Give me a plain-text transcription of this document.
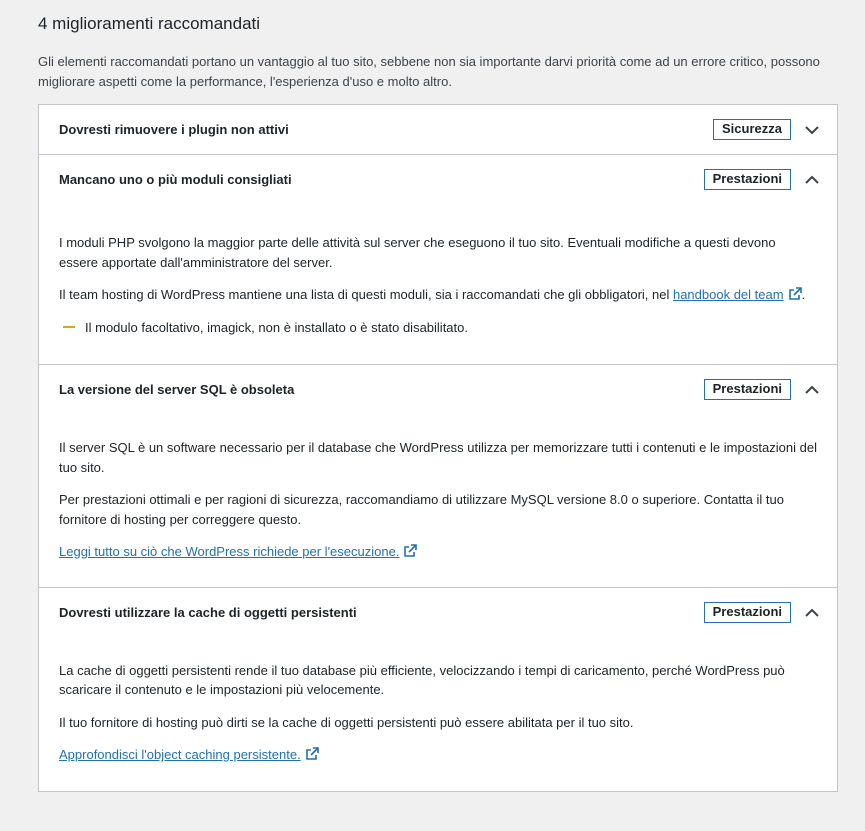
4 miglioramenti raccomandati

Gli elementi raccomandati portano un vantaggio al tuo sito, sebbene non sia importante darvi priorità come ad un errore critico, possono migliorare aspetti come la performance, l'esperienza d'uso e molto altro.

Dovresti rimuovere i plugin non attivi	Sicurezza
Mancano uno o più moduli consigliati	Prestazioni

I moduli PHP svolgono la maggior parte delle attività sul server che eseguono il tuo sito. Eventuali modifiche a questi devono essere apportate dall'amministratore del server.

Il team hosting di WordPress mantiene una lista di questi moduli, sia i raccomandati che gli obbligatori, nel handbook del team .

Il modulo facoltativo, imagick, non è installato o è stato disabilitato.
La versione del server SQL è obsoleta	Prestazioni

Il server SQL è un software necessario per il database che WordPress utilizza per memorizzare tutti i contenuti e le impostazioni del tuo sito.

Per prestazioni ottimali e per ragioni di sicurezza, raccomandiamo di utilizzare MySQL versione 8.0 o superiore. Contatta il tuo fornitore di hosting per correggere questo.

Leggi tutto su ciò che WordPress richiede per l'esecuzione.

Dovresti utilizzare la cache di oggetti persistenti	Prestazioni

La cache di oggetti persistenti rende il tuo database più efficiente, velocizzando i tempi di caricamento, perché WordPress può scaricare il contenuto e le impostazioni più velocemente.

Il tuo fornitore di hosting può dirti se la cache di oggetti persistenti può essere abilitata per il tuo sito.

Approfondisci l'object caching persistente.
